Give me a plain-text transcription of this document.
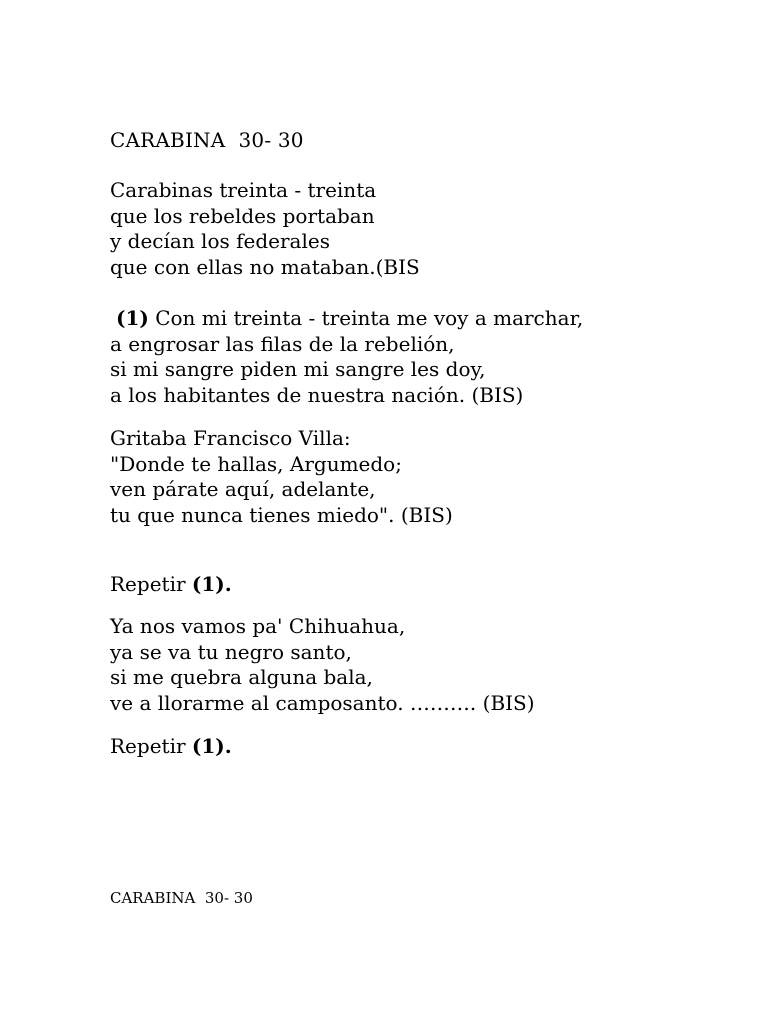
CARABINA  30- 30
Carabinas treinta - treinta
que los rebeldes portaban
y decían los federales
que con ellas no mataban.(BIS
(1) Con mi treinta - treinta me voy a marchar,
a engrosar las filas de la rebelión,
si mi sangre piden mi sangre les doy,
a los habitantes de nuestra nación. (BIS)
Gritaba Francisco Villa:
"Donde te hallas, Argumedo;
ven párate aquí, adelante,
tu que nunca tienes miedo". (BIS)
Repetir (1).
Ya nos vamos pa' Chihuahua,
ya se va tu negro santo,
si me quebra alguna bala,
ve a llorarme al camposanto. ………. (BIS)
Repetir (1).
CARABINA  30- 30
